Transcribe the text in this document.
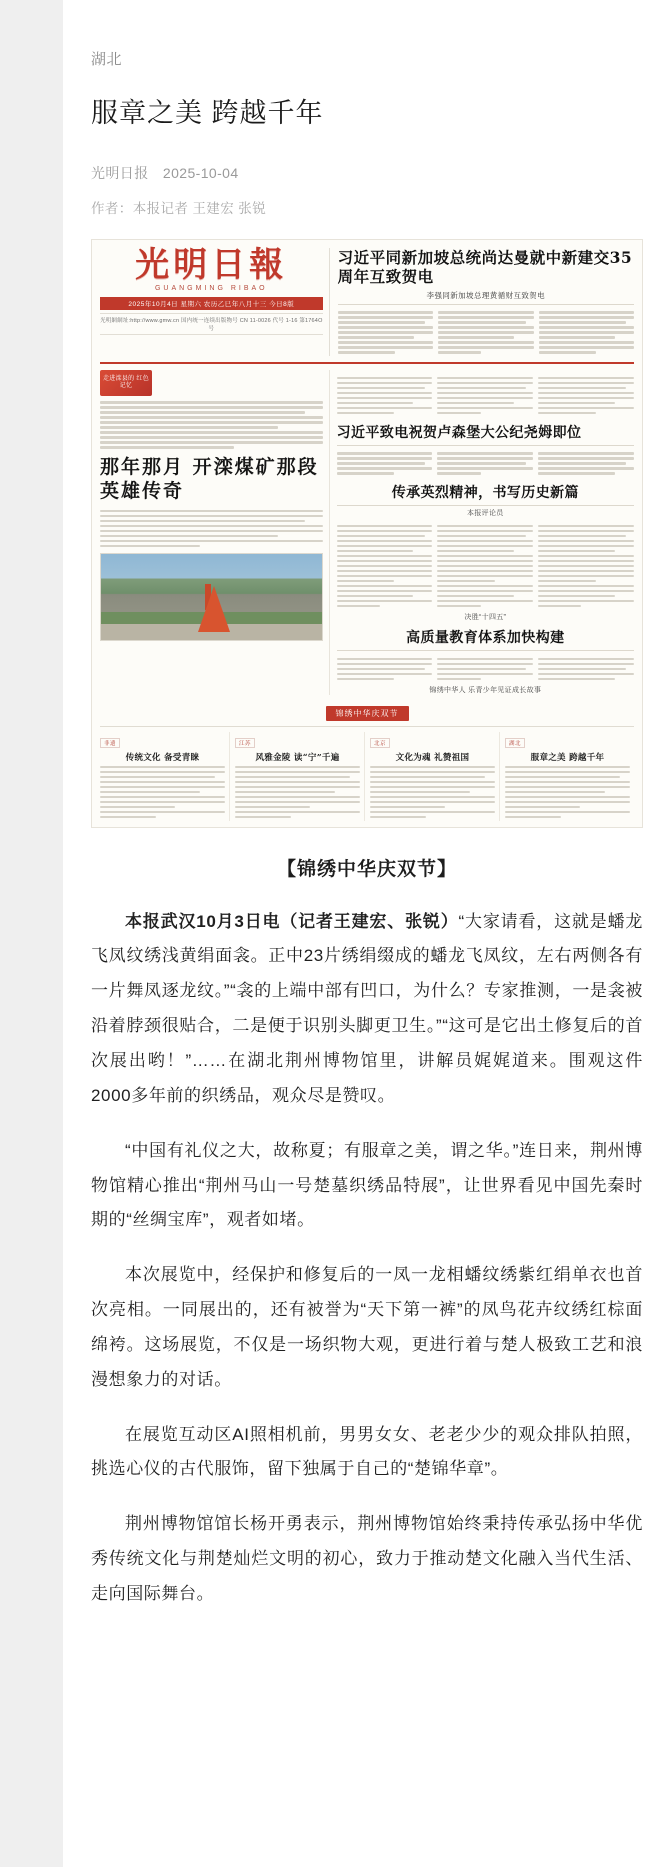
湖北
服章之美 跨越千年
光明日报 2025-10-04
作者：本报记者 王建宏 张锐
光明日報
GUANGMING RIBAO
2025年10月4日 星期六 农历乙巳年八月十三 今日8版
光明網網址:http://www.gmw.cn 国内统一连续出版物号 CN 11-0026 代号 1-16 第1764O号
习近平同新加坡总统尚达曼就中新建交35周年互致贺电
李强同新加坡总理黄循财互致贺电
走进滦县的 红色记忆
那年那月 开滦煤矿那段英雄传奇
习近平致电祝贺卢森堡大公纪尧姆即位
传承英烈精神，书写历史新篇
本报评论员
决胜“十四五”
高质量教育体系加快构建
锦绣中华人 乐青少年见证成长故事
锦绣中华庆双节
非遗
传统文化 备受青睐
江苏
风雅金陵 读“宁”千遍
北京
文化为魂 礼赞祖国
湖北
服章之美 跨越千年
【锦绣中华庆双节】

本报武汉10月3日电（记者王建宏、张锐）“大家请看，这就是蟠龙飞凤纹绣浅黄绢面衾。正中23片绣绢缀成的蟠龙飞凤纹，左右两侧各有一片舞凤逐龙纹。”“衾的上端中部有凹口，为什么？专家推测，一是衾被沿着脖颈很贴合，二是便于识别头脚更卫生。”“这可是它出土修复后的首次展出哟！”……在湖北荆州博物馆里，讲解员娓娓道来。围观这件2000多年前的织绣品，观众尽是赞叹。

“中国有礼仪之大，故称夏；有服章之美，谓之华。”连日来，荆州博物馆精心推出“荆州马山一号楚墓织绣品特展”，让世界看见中国先秦时期的“丝绸宝库”，观者如堵。

本次展览中，经保护和修复后的一凤一龙相蟠纹绣紫红绢单衣也首次亮相。一同展出的，还有被誉为“天下第一裤”的凤鸟花卉纹绣红棕面绵袴。这场展览，不仅是一场织物大观，更进行着与楚人极致工艺和浪漫想象力的对话。

在展览互动区AI照相机前，男男女女、老老少少的观众排队拍照，挑选心仪的古代服饰，留下独属于自己的“楚锦华章”。

荆州博物馆馆长杨开勇表示，荆州博物馆始终秉持传承弘扬中华优秀传统文化与荆楚灿烂文明的初心，致力于推动楚文化融入当代生活、走向国际舞台。
